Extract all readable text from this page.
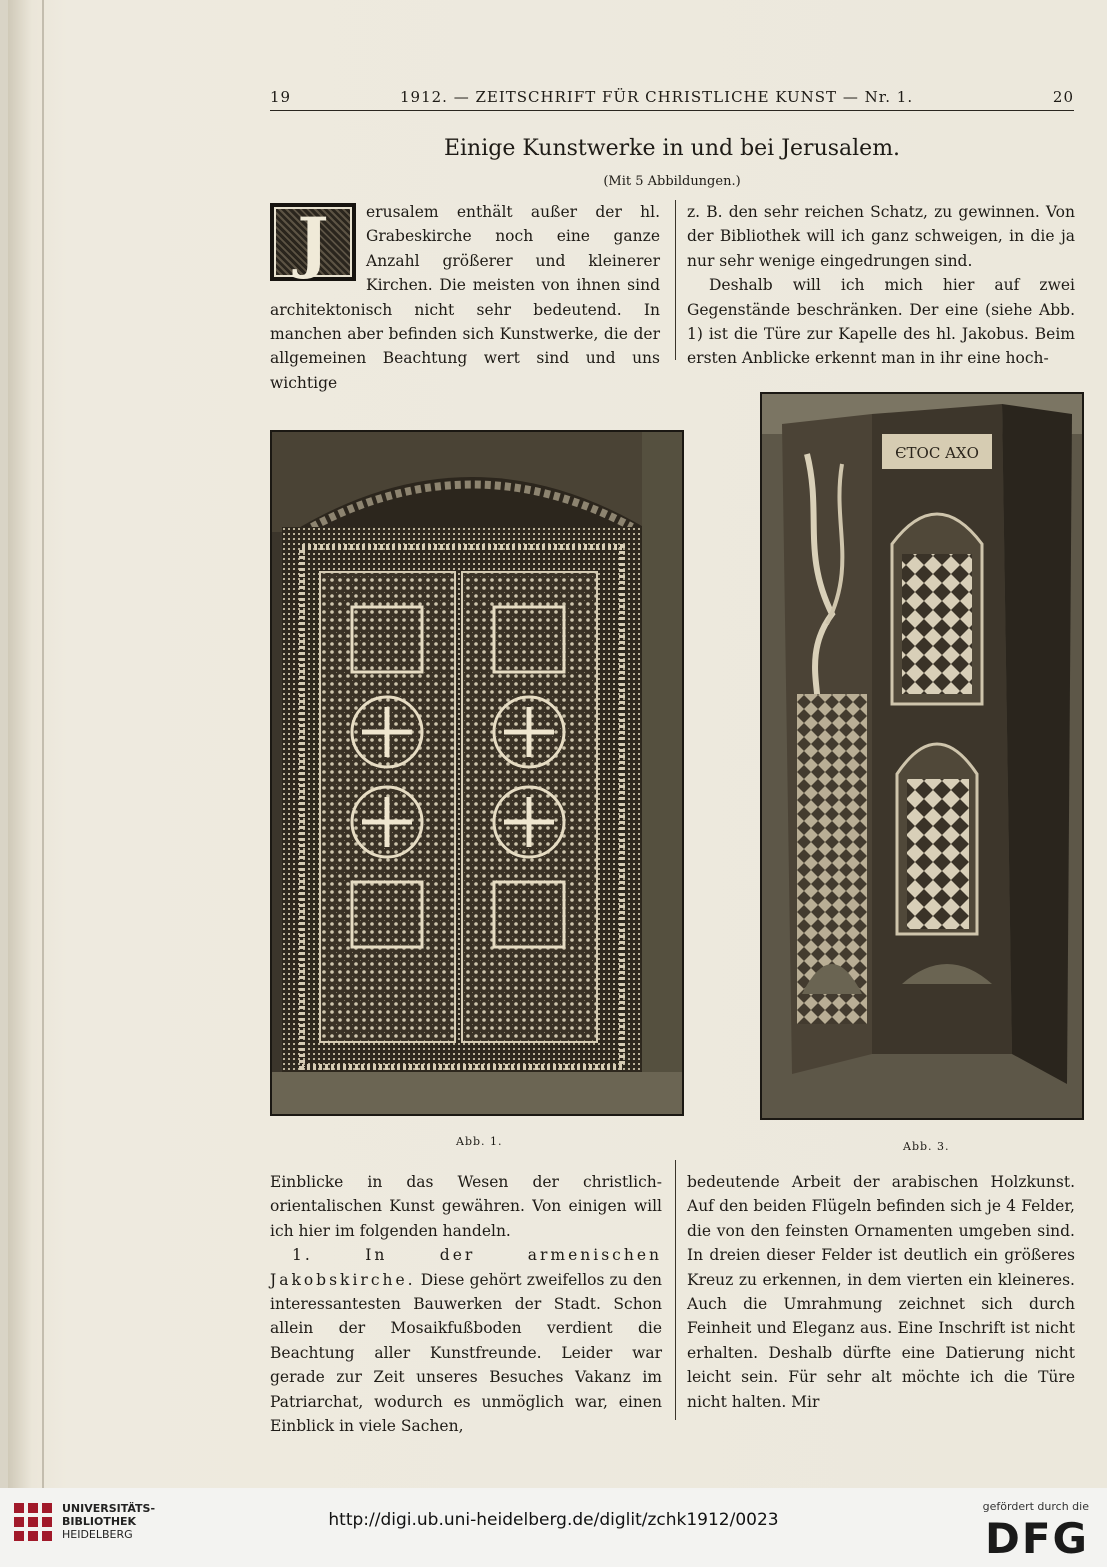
19	1912. — ZEITSCHRIFT FÜR CHRISTLICHE KUNST — Nr. 1.	20
Einige Kunstwerke in und bei Jerusalem.
(Mit 5 Abbildungen.)
J	erusalem enthält außer der hl. Grabeskirche noch eine ganze Anzahl größerer und kleinerer Kirchen. Die meisten von ihnen sind architektonisch nicht sehr bedeutend. In manchen aber befinden sich Kunstwerke, die der allgemeinen Beachtung wert sind und uns wichtige

z. B. den sehr reichen Schatz, zu gewinnen. Von der Bibliothek will ich ganz schweigen, in die ja nur sehr wenige eingedrungen sind.

Deshalb will ich mich hier auf zwei Gegenstände beschränken. Der eine (siehe Abb. 1) ist die Türe zur Kapelle des hl. Jakobus. Beim ersten Anblicke erkennt man in ihr eine hoch-

Abb. 1.
ЄΤΟϹ ΑΧΟ
Abb. 3.

Einblicke in das Wesen der christlich-orientalischen Kunst gewähren. Von einigen will ich hier im folgenden handeln.

1. In der armenischen Jakobskirche. Diese gehört zweifellos zu den interessantesten Bauwerken der Stadt. Schon allein der Mosaikfußboden verdient die Beachtung aller Kunstfreunde. Leider war gerade zur Zeit unseres Besuches Vakanz im Patriarchat, wodurch es unmöglich war, einen Einblick in viele Sachen,

bedeutende Arbeit der arabischen Holzkunst. Auf den beiden Flügeln befinden sich je 4 Felder, die von den feinsten Ornamenten umgeben sind. In dreien dieser Felder ist deutlich ein größeres Kreuz zu erkennen, in dem vierten ein kleineres. Auch die Umrahmung zeichnet sich durch Feinheit und Eleganz aus. Eine Inschrift ist nicht erhalten. Deshalb dürfte eine Datierung nicht leicht sein. Für sehr alt möchte ich die Türe nicht halten. Mir

UNIVERSITÄTS-
BIBLIOTHEK
HEIDELBERG
http://digi.ub.uni-heidelberg.de/diglit/zchk1912/0023
gefördert durch die
DFG
